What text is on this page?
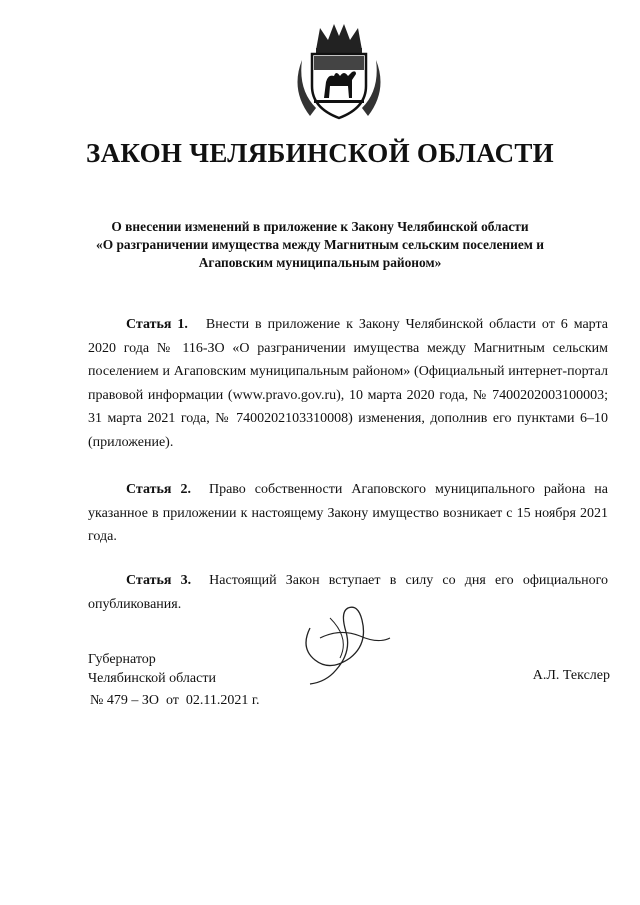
ЗАКОН ЧЕЛЯБИНСКОЙ ОБЛАСТИ
О внесении изменений в приложение к Закону Челябинской области
«О разграничении имущества между Магнитным сельским поселением и
Агаповским муниципальным районом»
Статья 1. Внести в приложение к Закону Челябинской области от 6 марта 2020 года № 116-ЗО «О разграничении имущества между Магнитным сельским поселением и Агаповским муниципальным районом» (Официальный интернет-портал правовой информации (www.pravo.gov.ru), 10 марта 2020 года, № 7400202003100003; 31 марта 2021 года, № 7400202103310008) изменения, дополнив его пунктами 6–10 (приложение).
Статья 2. Право собственности Агаповского муниципального района на указанное в приложении к настоящему Закону имущество возникает с 15 ноября 2021 года.
Статья 3. Настоящий Закон вступает в силу со дня его официального опубликования.
Губернатор
Челябинской области	А.Л. Текслер
№ 479 – ЗО  от  02.11.2021 г.
